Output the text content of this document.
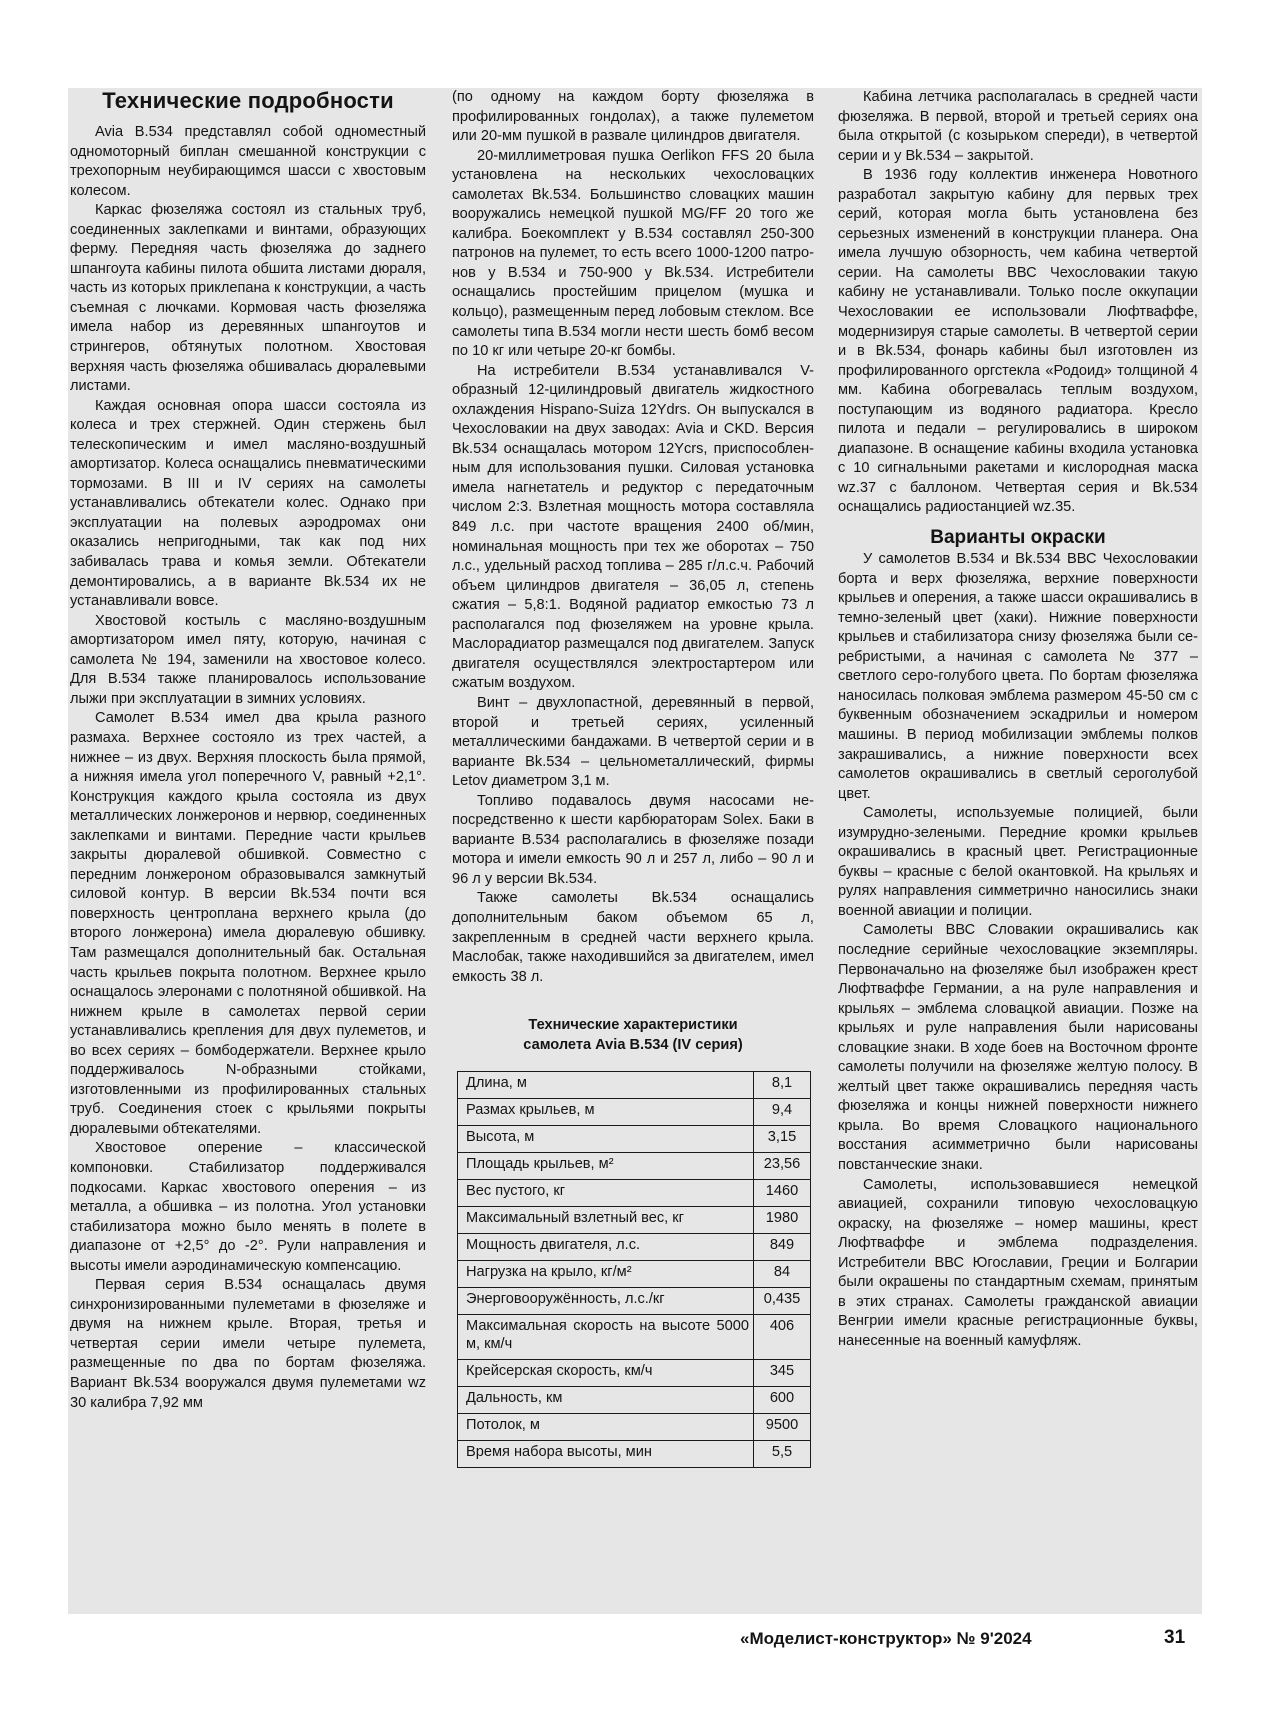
Технические подробности

Avia B.534 представлял собой одноместный одномоторный биплан смешанной конструкции с трехопорным неубирающимся шасси с хвостовым колесом.

Каркас фюзеляжа состоял из стальных труб, соединенных заклепками и винтами, образующих ферму. Передняя часть фюзеляжа до заднего шпангоута кабины пилота обшита листами дюраля, часть из которых приклепана к конструкции, а часть съемная с лючками. Кормовая часть фюзеляжа имела набор из деревянных шпангоутов и стрингеров, обтянутых полотном. Хвостовая верхняя часть фюзеляжа обшивалась дюралевыми листами.

Каждая основная опора шасси состояла из колеса и трех стержней. Один стержень был телескопическим и имел масляно-воздушный амортизатор. Колеса оснащались пневматическими тормозами. В III и IV сериях на самолеты устанавливались обтекатели колес. Однако при эксплуатации на полевых аэродромах они оказались непригодными, так как под них забивалась трава и комья земли. Обтекатели демонтировались, а в варианте Bk.534 их не устанавливали вовсе.

Хвостовой костыль с масляно-воздушным амортизатором имел пяту, которую, начиная с самолета № 194, заменили на хвостовое колесо. Для B.534 также планировалось использование лыжи при эксплуатации в зимних условиях.

Самолет B.534 имел два крыла разного размаха. Верхнее состояло из трех частей, а нижнее – из двух. Верхняя плоскость была прямой, а нижняя имела угол поперечного V, равный +2,1°. Конструкция каждого крыла состояла из двух металлических лонжеронов и нервюр, соединенных заклепками и винтами. Передние части крыльев закрыты дюралевой обшивкой. Совместно с передним лонжероном образовывался замкнутый силовой контур. В версии Bk.534 почти вся поверхность центроплана верхнего крыла (до второго лонжерона) имела дюралевую обшивку. Там размещался дополнительный бак. Остальная часть крыльев покрыта полотном. Верхнее крыло оснащалось элеронами с полотняной обшивкой. На нижнем крыле в самолетах первой серии устанавливались крепления для двух пулеметов, и во всех сериях – бомбодержатели. Верхнее крыло поддерживалось N-образными стойками, изготовленными из профилированных стальных труб. Соединения стоек с крыльями покрыты дюралевыми обтекателями.

Хвостовое оперение – классической компоновки. Стабилизатор поддерживался подкосами. Каркас хвостового оперения – из металла, а обшивка – из полотна. Угол установки стабилизатора можно было менять в полете в диапазоне от +2,5° до -2°. Рули направления и высоты имели аэродинамическую компенсацию.

Первая серия B.534 оснащалась двумя синхронизированными пулеметами в фюзеляже и двумя на нижнем крыле. Вторая, третья и четвертая серии имели четыре пулемета, размещенные по два по бортам фюзеляжа. Вариант Bk.534 вооружался двумя пулеметами wz 30 калибра 7,92 мм

(по одному на каждом борту фюзеляжа в профилированных гондолах), а также пулеметом или 20-мм пушкой в развале цилиндров двигателя.

20-миллиметровая пушка Oerlikon FFS 20 была установлена на нескольких чехословацких самолетах Bk.534. Большинство словацких машин вооружались немецкой пушкой MG/FF 20 того же калибра. Боекомплект у B.534 составлял 250-300 патронов на пулемет, то есть всего 1000-1200 патронов у B.534 и 750-900 у Bk.534. Истребители оснащались простейшим прицелом (мушка и кольцо), размещенным перед лобовым стеклом. Все самолеты типа B.534 могли нести шесть бомб весом по 10 кг или четыре 20-кг бомбы.

На истребители B.534 устанавливался V-образный 12-цилиндровый двигатель жидкостного охлаждения Hispano-Suiza 12Ydrs. Он выпускался в Чехословакии на двух заводах: Avia и CKD. Версия Bk.534 оснащалась мотором 12Ycrs, приспособленным для использования пушки. Силовая установка имела нагнетатель и редуктор с передаточным числом 2:3. Взлетная мощность мотора составляла 849 л.с. при частоте вращения 2400 об/мин, номинальная мощность при тех же оборотах – 750 л.с., удельный расход топлива – 285 г/л.с.ч. Рабочий объем цилиндров двигателя – 36,05 л, степень сжатия – 5,8:1. Водяной радиатор емкостью 73 л располагался под фюзеляжем на уровне крыла. Маслорадиатор размещался под двигателем. Запуск двигателя осуществлялся электростартером или сжатым воздухом.

Винт – двухлопастной, деревянный в первой, второй и третьей сериях, усиленный металлическими бандажами. В четвертой серии и в варианте Bk.534 – цельнометаллический, фирмы Letov диаметром 3,1 м.

Топливо подавалось двумя насосами непосредственно к шести карбюраторам Solex. Баки в варианте B.534 располагались в фюзеляже позади мотора и имели емкость 90 л и 257 л, либо – 90 л и 96 л у версии Bk.534.

Также самолеты Bk.534 оснащались дополнительным баком объемом 65 л, закрепленным в средней части верхнего крыла. Маслобак, также находившийся за двигателем, имел емкость 38 л.

Технические характеристики
самолета Avia B.534 (IV серия)
Длина, м	8,1
Размах крыльев, м	9,4
Высота, м	3,15
Площадь крыльев, м²	23,56
Вес пустого, кг	1460
Максимальный взлетный вес, кг	1980
Мощность двигателя, л.с.	849
Нагрузка на крыло, кг/м²	84
Энерговооружённость, л.с./кг	0,435
Максимальная скорость на высоте 5000 м, км/ч	406
Крейсерская скорость, км/ч	345
Дальность, км	600
Потолок, м	9500
Время набора высоты, мин	5,5

Кабина летчика располагалась в средней части фюзеляжа. В первой, второй и третьей сериях она была открытой (с козырьком спереди), в четвертой серии и у Bk.534 – закрытой.

В 1936 году коллектив инженера Новотного разработал закрытую кабину для первых трех серий, которая могла быть установлена без серьезных изменений в конструкции планера. Она имела лучшую обзорность, чем кабина четвертой серии. На самолеты ВВС Чехословакии такую кабину не устанавливали. Только после оккупации Чехословакии ее использовали Люфтваффе, модернизируя старые самолеты. В четвертой серии и в Bk.534, фонарь кабины был изготовлен из профилированного оргстекла «Родоид» толщиной 4 мм. Кабина обогревалась теплым воздухом, поступающим из водяного радиатора. Кресло пилота и педали – регулировались в широком диапазоне. В оснащение кабины входила установка с 10 сигнальными ракeтами и кислородная маска wz.37 с баллоном. Четвертая серия и Bk.534 оснащались радиостанцией wz.35.

Варианты окраски

У самолетов B.534 и Bk.534 ВВС Чехословакии борта и верх фюзеляжа, верхние поверхности крыльев и оперения, а также шасси окрашивались в темно-зеленый цвет (хаки). Нижние поверхности крыльев и стабилизатора снизу фюзеляжа были серебристыми, а начиная с самолета № 377 – светлого серо-голубого цвета. По бортам фюзеляжа наносилась полковая эмблема размером 45-50 см с буквенным обозначением эскадрильи и номером машины. В период мобилизации эмблемы полков закрашивались, а нижние поверхности всех самолетов окрашивались в светлый сероголубой цвет.

Самолеты, используемые полицией, были изумрудно-зелеными. Передние кромки крыльев окрашивались в красный цвет. Регистрационные буквы – красные с белой окантовкой. На крыльях и рулях направления симметрично наносились знаки военной авиации и полиции.

Самолеты ВВС Словакии окрашивались как последние серийные чехословацкие экземпляры. Первоначально на фюзеляже был изображен крест Люфтваффе Германии, а на руле направления и крыльях – эмблема словацкой авиации. Позже на крыльях и руле направления были нарисованы словацкие знаки. В ходе боев на Восточном фронте самолеты получили на фюзеляже желтую полосу. В желтый цвет также окрашивались передняя часть фюзеляжа и концы нижней поверхности нижнего крыла. Во время Словацкого национального восстания асимметрично были нарисованы повстанческие знаки.

Самолеты, использовавшиеся немецкой авиацией, сохранили типовую чехословацкую окраску, на фюзеляже – номер машины, крест Люфтваффе и эмблема подразделения. Истребители ВВС Югославии, Греции и Болгарии были окрашены по стандартным схемам, принятым в этих странах. Самолеты гражданской авиации Венгрии имели красные регистрационные буквы, нанесенные на военный камуфляж.

«Моделист-конструктор» № 9'2024	31
